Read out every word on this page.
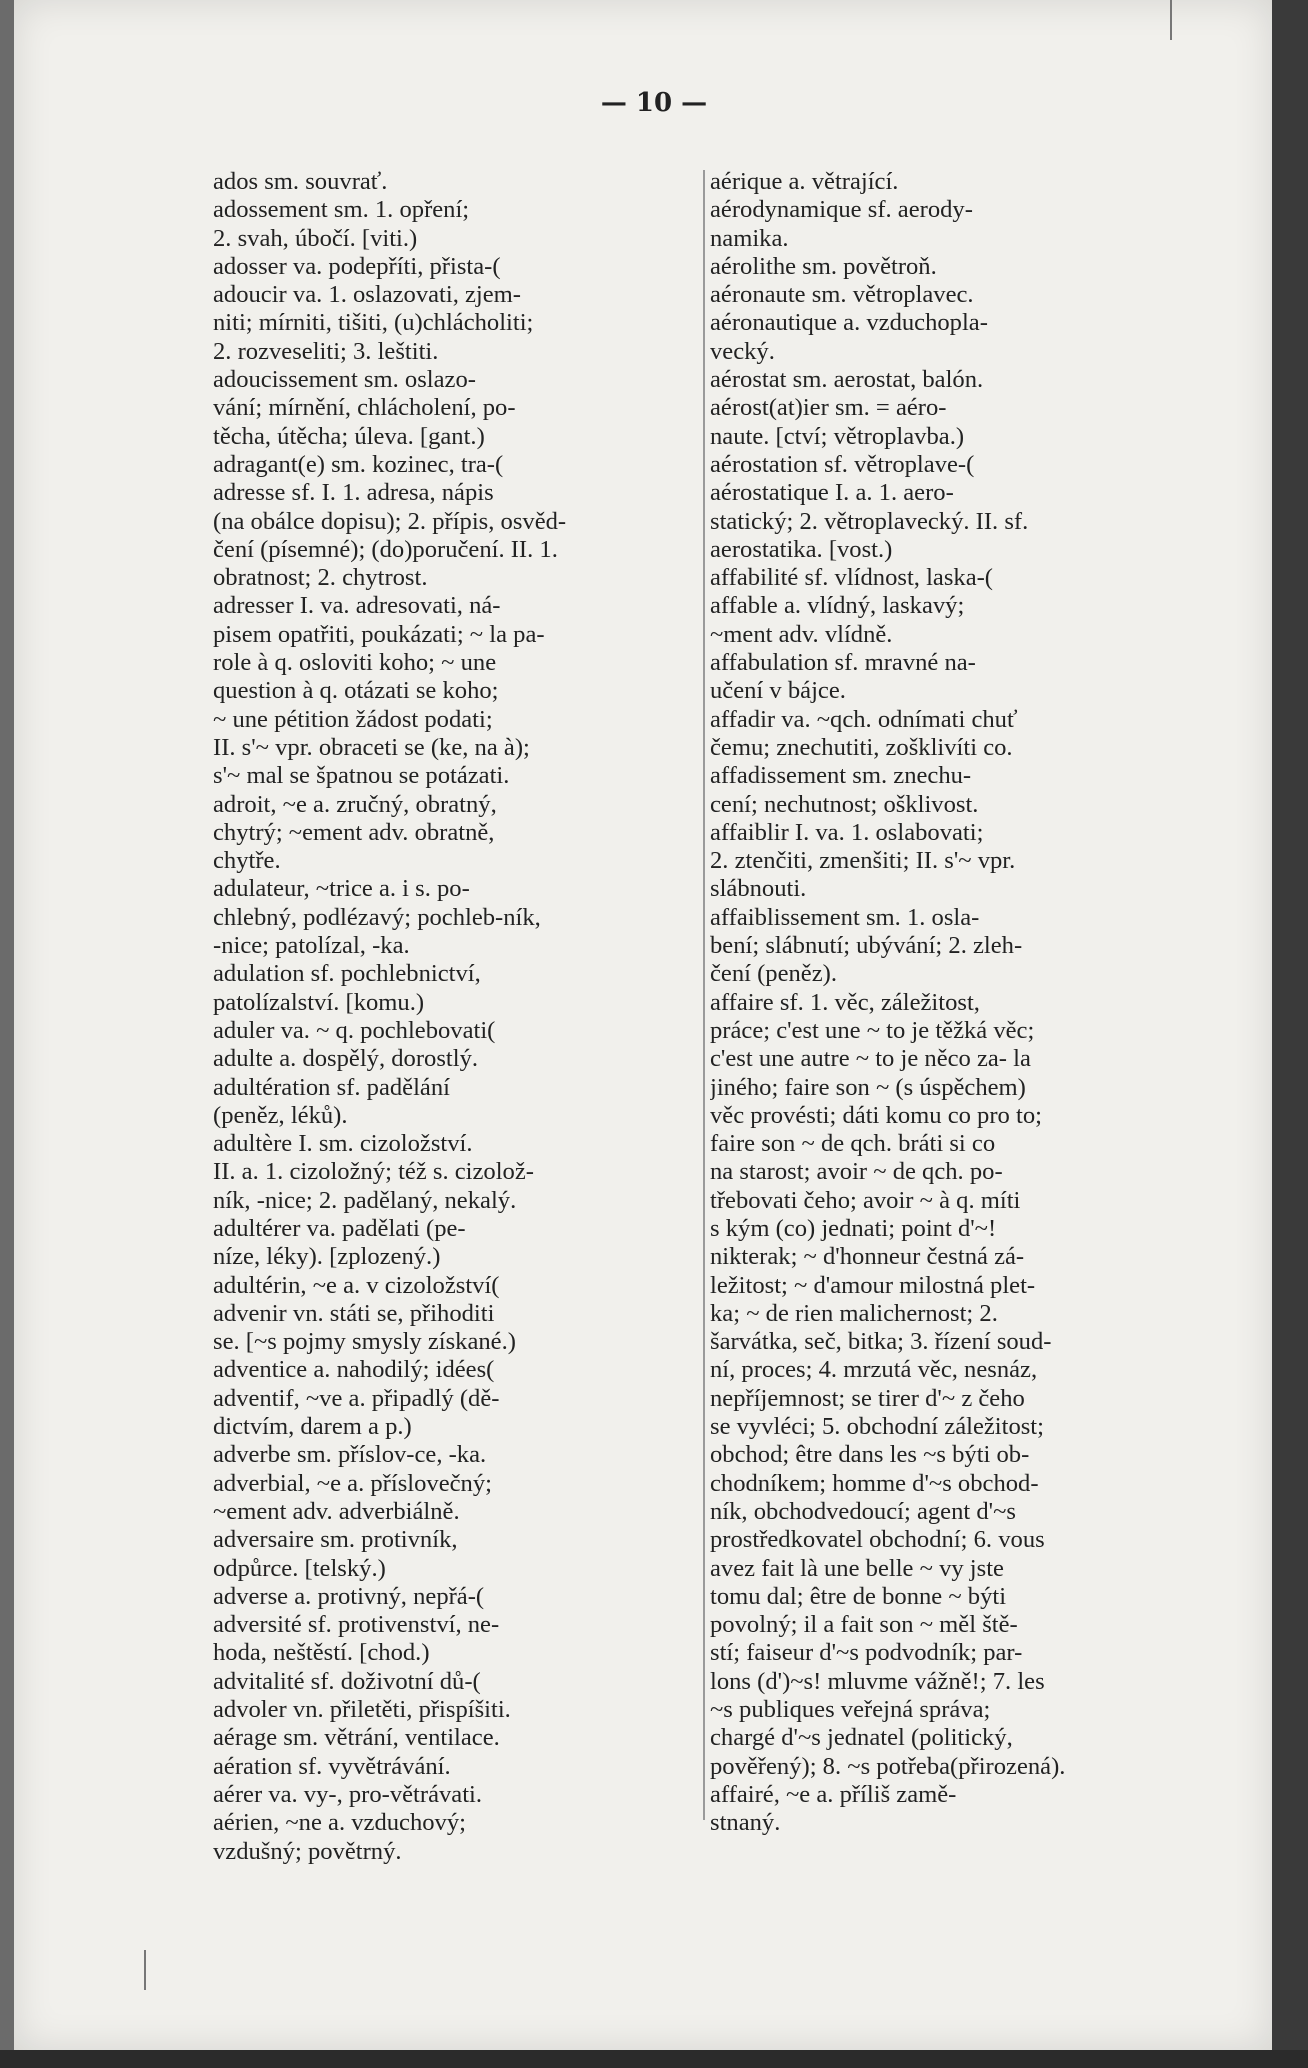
— 10 —
ados sm. souvrať.
adossement sm. 1. opření;
2. svah, úbočí. [viti.)
adosser va. podepříti, přista-(
adoucir va. 1. oslazovati, zjem-
niti; mírniti, tišiti, (u)chlácholiti;
2. rozveseliti; 3. leštiti.
adoucissement sm. oslazo-
vání; mírnění, chlácholení, po-
těcha, útěcha; úleva. [gant.)
adragant(e) sm. kozinec, tra-(
adresse sf. I. 1. adresa, nápis
(na obálce dopisu); 2. přípis, osvěd-
čení (písemné); (do)poručení. II. 1.
obratnost; 2. chytrost.
adresser I. va. adresovati, ná-
pisem opatřiti, poukázati; ~ la pa-
role à q. osloviti koho; ~ une
question à q. otázati se koho;
~ une pétition žádost podati;
II. s'~ vpr. obraceti se (ke, na à);
s'~ mal se špatnou se potázati.
adroit, ~e a. zručný, obratný,
chytrý; ~ement adv. obratně,
chytře.
adulateur, ~trice a. i s. po-
chlebný, podlézavý; pochleb-ník,
-nice; patolízal, -ka.
adulation sf. pochlebnictví,
patolízalství. [komu.)
aduler va. ~ q. pochlebovati(
adulte a. dospělý, dorostlý.
adultération sf. padělání
(peněz, léků).
adultère I. sm. cizoložství.
II. a. 1. cizoložný; též s. cizolož-
ník, -nice; 2. padělaný, nekalý.
adultérer va. padělati (pe-
níze, léky). [zplozený.)
adultérin, ~e a. v cizoložství(
advenir vn. státi se, přihoditi
se. [~s pojmy smysly získané.)
adventice a. nahodilý; idées(
adventif, ~ve a. připadlý (dě-
dictvím, darem a p.)
adverbe sm. příslov-ce, -ka.
adverbial, ~e a. příslovečný;
~ement adv. adverbiálně.
adversaire sm. protivník,
odpůrce. [telský.)
adverse a. protivný, nepřá-(
adversité sf. protivenství, ne-
hoda, neštěstí. [chod.)
advitalité sf. doživotní dů-(
advoler vn. přiletěti, přispíšiti.
aérage sm. větrání, ventilace.
aération sf. vyvětrávání.
aérer va. vy-, pro-větrávati.
aérien, ~ne a. vzduchový;
vzdušný; povětrný.
aérique a. větrající.
aérodynamique sf. aerody-
namika.
aérolithe sm. povětroň.
aéronaute sm. větroplavec.
aéronautique a. vzduchopla-
vecký.
aérostat sm. aerostat, balón.
aérost(at)ier sm. = aéro-
naute. [ctví; větroplavba.)
aérostation sf. větroplave-(
aérostatique I. a. 1. aero-
statický; 2. větroplavecký. II. sf.
aerostatika. [vost.)
affabilité sf. vlídnost, laska-(
affable a. vlídný, laskavý;
~ment adv. vlídně.
affabulation sf. mravné na-
učení v bájce.
affadir va. ~qch. odnímati chuť
čemu; znechutiti, zošklivíti co.
affadissement sm. znechu-
cení; nechutnost; ošklivost.
affaiblir I. va. 1. oslabovati;
2. ztenčiti, zmenšiti; II. s'~ vpr.
slábnouti.
affaiblissement sm. 1. osla-
bení; slábnutí; ubývání; 2. zleh-
čení (peněz).
affaire sf. 1. věc, záležitost,
práce; c'est une ~ to je těžká věc;
c'est une autre ~ to je něco za- la
jiného; faire son ~ (s úspěchem)
věc provésti; dáti komu co pro to;
faire son ~ de qch. bráti si co
na starost; avoir ~ de qch. po-
třebovati čeho; avoir ~ à q. míti
s kým (co) jednati; point d'~!
nikterak; ~ d'honneur čestná zá-
ležitost; ~ d'amour milostná plet-
ka; ~ de rien malichernost; 2.
šarvátka, seč, bitka; 3. řízení soud-
ní, proces; 4. mrzutá věc, nesnáz,
nepříjemnost; se tirer d'~ z čeho
se vyvléci; 5. obchodní záležitost;
obchod; être dans les ~s býti ob-
chodníkem; homme d'~s obchod-
ník, obchodvedoucí; agent d'~s
prostředkovatel obchodní; 6. vous
avez fait là une belle ~ vy jste
tomu dal; être de bonne ~ býti
povolný; il a fait son ~ měl ště-
stí; faiseur d'~s podvodník; par-
lons (d')~s! mluvme vážně!; 7. les
~s publiques veřejná správa;
chargé d'~s jednatel (politický,
pověřený); 8. ~s potřeba(přirozená).
affairé, ~e a. příliš zamě-
stnaný.
